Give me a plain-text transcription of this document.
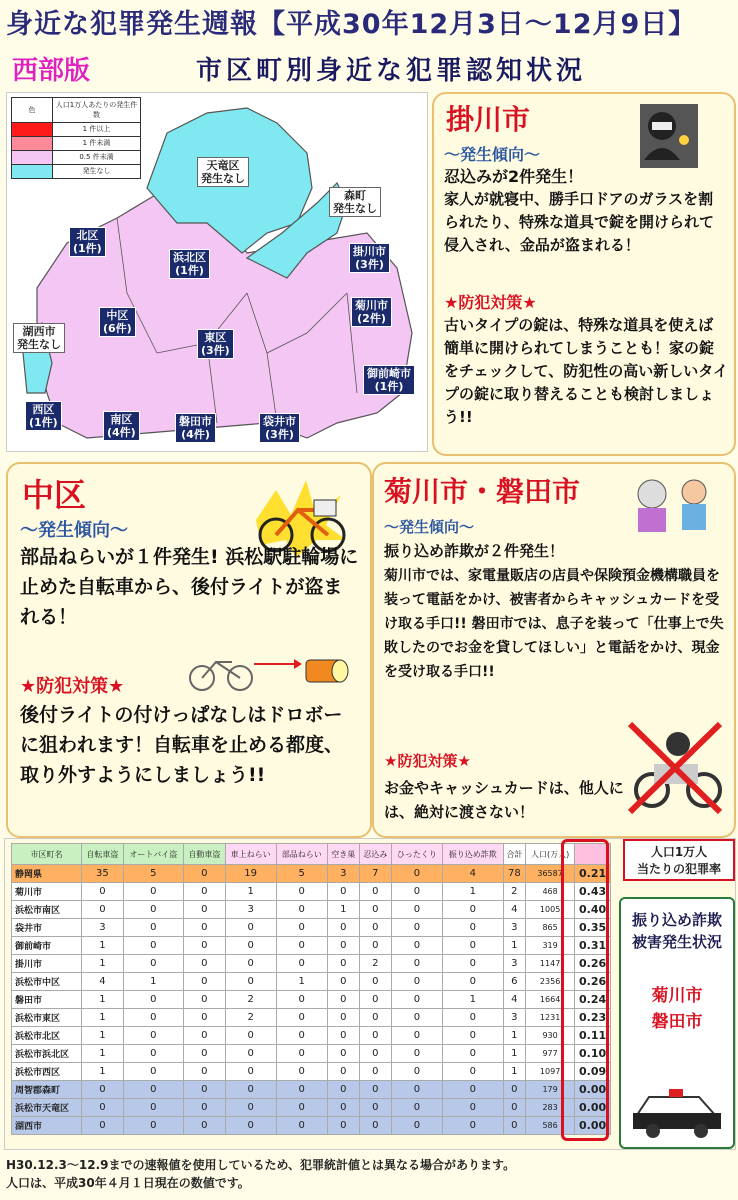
身近な犯罪発生週報【平成30年12月3日～12月9日】
西部版	市区町別身近な犯罪認知状況
色
人口1万人あたりの発生件数
1 件以上
1 件未満
0.5 件未満
発生なし	天竜区
発生なし
森町
発生なし
北区
(1件)
浜北区
(1件)
掛川市
(3件)
菊川市
(2件)
湖西市
発生なし
中区
(6件)
東区
(3件)
御前崎市
(1件)
西区
(1件)	南区
(4件)
磐田市
(4件)
袋井市
(3件)
掛川市
～発生傾向～
忍込みが2件発生！
家人が就寝中、勝手口ドアのガラスを割られたり、特殊な道具で錠を開けられて侵入され、金品が盗まれる！
★防犯対策★
古いタイプの錠は、特殊な道具を使えば簡単に開けられてしまうことも！家の錠をチェックして、防犯性の高い新しいタイプの錠に取り替えることも検討しましょう!!
中区
～発生傾向～
部品ねらいが１件発生! 浜松駅駐輪場に止めた自転車から、後付ライトが盗まれる！
★防犯対策★
後付ライトの付けっぱなしはドロボーに狙われます！自転車を止める都度、取り外すようにしましょう!!
菊川市・磐田市
～発生傾向～
振り込め詐欺が２件発生！
菊川市では、家電量販店の店員や保険預金機構職員を装って電話をかけ、被害者からキャッシュカードを受け取る手口!! 磐田市では、息子を装って「仕事上で失敗したのでお金を貸してほしい」と電話をかけ、現金を受け取る手口!!
★防犯対策★
お金やキャッシュカードは、他人には、絶対に渡さない！
市区町名	自転車盗	オートバイ盗	自動車盗	車上ねらい	部品ねらい	空き巣	忍込み	ひったくり	振り込め詐欺	合計	人口(万人)	
静岡県	35	5	0	19	5	3	7	0	4	78	36587	0.21
菊川市	0	0	0	1	0	0	0	0	1	2	468	0.43
浜松市南区	0	0	0	3	0	1	0	0	0	4	1005	0.40
袋井市	3	0	0	0	0	0	0	0	0	3	865	0.35
御前崎市	1	0	0	0	0	0	0	0	0	1	319	0.31
掛川市	1	0	0	0	0	0	2	0	0	3	1147	0.26
浜松市中区	4	1	0	0	1	0	0	0	0	6	2356	0.26
磐田市	1	0	0	2	0	0	0	0	1	4	1664	0.24
浜松市東区	1	0	0	2	0	0	0	0	0	3	1231	0.23
浜松市北区	1	0	0	0	0	0	0	0	0	1	930	0.11
浜松市浜北区	1	0	0	0	0	0	0	0	0	1	977	0.10
浜松市西区	1	0	0	0	0	0	0	0	0	1	1097	0.09
周智郡森町	0	0	0	0	0	0	0	0	0	0	179	0.00
浜松市天竜区	0	0	0	0	0	0	0	0	0	0	283	0.00
湖西市	0	0	0	0	0	0	0	0	0	0	586	0.00
人口1万人
当たりの犯罪率
振り込め詐欺
被害発生状況
菊川市
磐田市
H30.12.3～12.9までの速報値を使用しているため、犯罪統計値とは異なる場合があります。
人口は、平成30年４月１日現在の数値です。
